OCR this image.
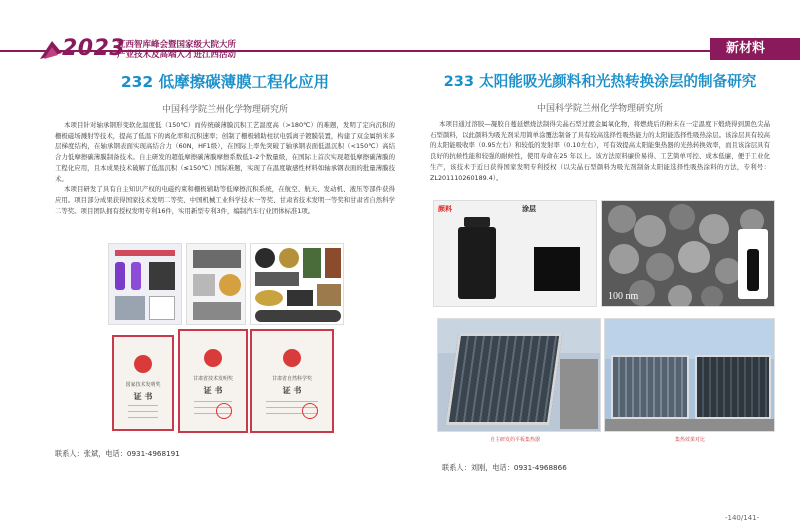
2023
江西智库峰会暨国家级大院大所
产业技术及高端人才进江西活动	新材料
232 低摩擦碳薄膜工程化应用
中国科学院兰州化学物理研究所

本项目针对轴承钢形变软化温度低（150℃）而传统碳薄膜沉积工艺温度高（>180℃）的难题，发明了定向沉积的栅极磁场溅射等技术，提高了低温下的离化率和沉积速率；创制了栅极辅助柱状电弧离子镀膜装置，构建了双金属纳米多层梯度结构，在轴承钢表面实现高结合力（60N，HF1级），在国际上率先突破了轴承钢表面低温沉积（<150℃）高结合力低摩擦碳薄膜制备技术。自主研发的超低摩擦碳薄膜摩擦系数低1-2个数量级，在国际上首次实现超低摩擦碳薄膜的工程化应用，且本成果技术破解了低温沉积（≤150℃）国际难题，实现了在温度敏感性材料如轴承钢表面的批量薄膜技术。

本项目研发了具有自主知识产权的电磁约束和栅极辅助等低摩擦沉积系统，在航空、航天、发动机、液压等部件获得应用。项目部分成果获得国家技术发明二等奖、中国机械工业科学技术一等奖、甘肃省技术发明一等奖和甘肃省自然科学二等奖。项目团队拥有授权发明专利16件，实用新型专利3件，编制汽车行业团体标准1项。

国家技术发明奖
证 书
甘肃省技术发明奖
证 书
甘肃省自然科学奖
证 书
联系人：张斌，电话：0931-4968191
233 太阳能吸光颜料和光热转换涂层的制备研究
中国科学院兰州化学物理研究所

本项目通过溶胶—凝胶自蔓延燃烧法制得尖晶石型过渡金属氧化物，将燃烧后的粉末在一定温度下煅烧得到黑色尖晶石型颜料，以此颜料为吸光剂采用简单涂覆法制备了具有较高选择性吸热能力的太阳能选择性吸热涂层。该涂层具有较高的太阳能吸收率（0.95左右）和较低的发射率（0.10左右），可有效提高太阳能集热器的光热转换效率，而且该涂层具有良好的抗候性能和较强的耐候性，使用寿命在25 年以上。该方法原料廉价易得、工艺简单可控、成本低廉，便于工业化生产，该技术于近日获得国家发明专利授权（以尖晶石型颜料为吸光剂制备太阳能选择性吸热涂料的方法，专利号：ZL201110260189.4）。

颜料	涂层
100 nm
自主研发的平板集热器	集热效果对比
联系人：刘刚，电话：0931-4968866
-140/141-
